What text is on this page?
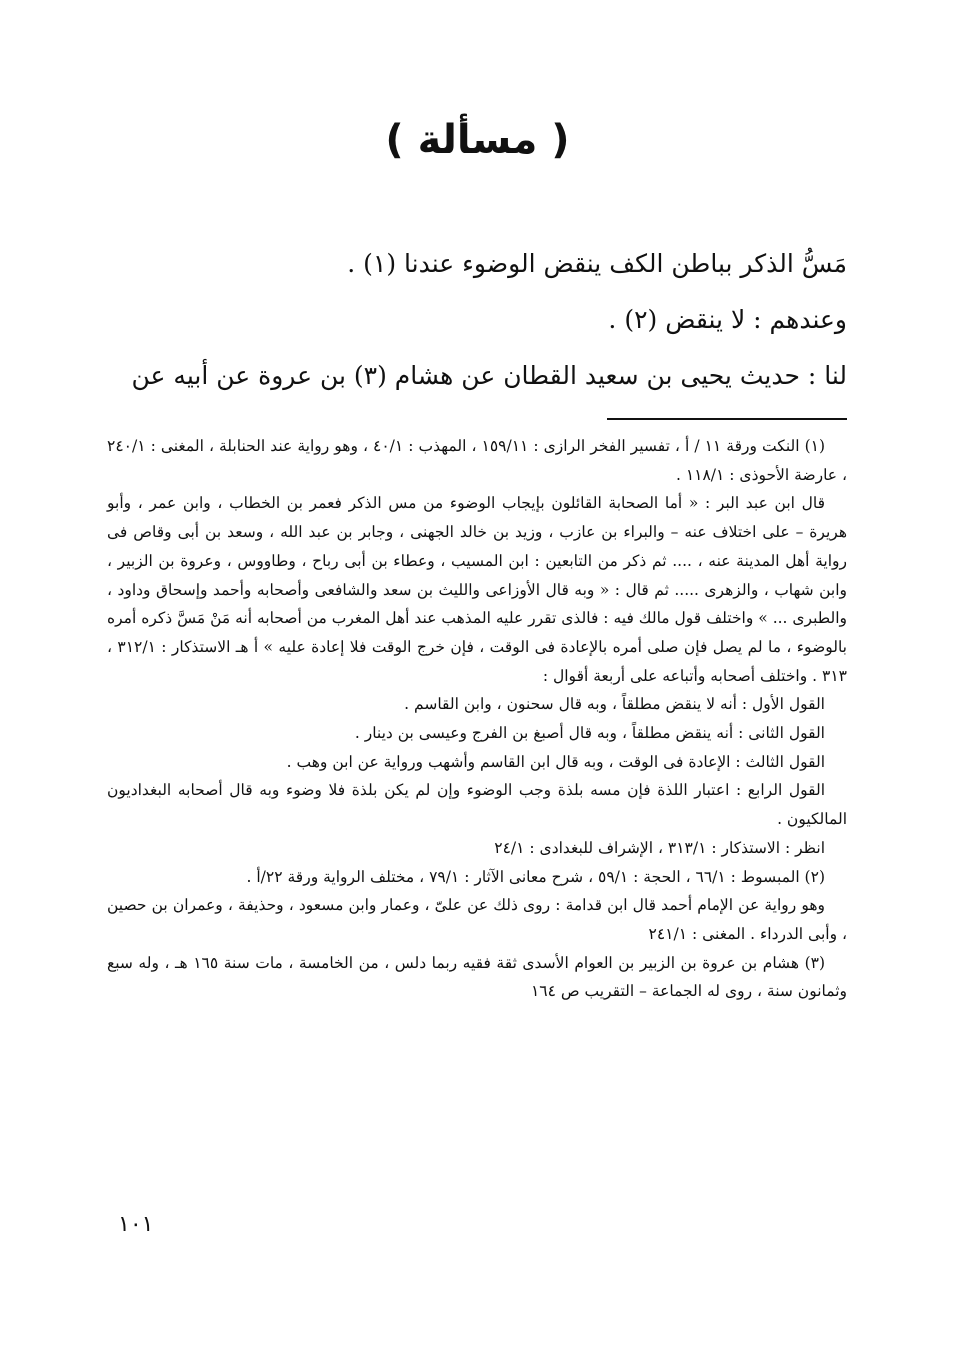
( مسألة )

مَسُّ الذكر بباطن الكف ينقض الوضوء عندنا (١) .

وعندهم : لا ينقض (٢) .

لنا : حديث يحيى بن سعيد القطان عن هشام (٣) بن عروة عن أبيه عن

(١) النكت ورقة ١١ / أ ، تفسير الفخر الرازى : ١٥٩/١١ ، المهذب : ٤٠/١ ، وهو رواية عند الحنابلة ، المغنى : ٢٤٠/١ ، عارضة الأحوذى : ١١٨/١ .

قال ابن عبد البر : « أما الصحابة القائلون بإيجاب الوضوء من مس الذكر فعمر بن الخطاب ، وابن عمر ، وأبو هريرة – على اختلاف عنه – والبراء بن عازب ، وزيد بن خالد الجهنى ، وجابر بن عبد الله ، وسعد بن أبى وقاص فى رواية أهل المدينة عنه ، .... ثم ذكر من التابعين : ابن المسيب ، وعطاء بن أبى رباح ، وطاووس ، وعروة بن الزبير ، وابن شهاب ، والزهرى ..... ثم قال : « وبه قال الأوزاعى والليث بن سعد والشافعى وأصحابه وأحمد وإسحاق وداود ، والطبرى ... » واختلف قول مالك فيه : فالذى تقرر عليه المذهب عند أهل المغرب من أصحابه أنه مَنْ مَسَّ ذكره أمره بالوضوء ، ما لم يصل فإن صلى أمره بالإعادة فى الوقت ، فإن خرج الوقت فلا إعادة عليه » أ هـ الاستذكار : ٣١٢/١ ، ٣١٣ . واختلف أصحابه وأتباعه على أربعة أقوال :

القول الأول : أنه لا ينقض مطلقاً ، وبه قال سحنون ، وابن القاسم .

القول الثانى : أنه ينقض مطلقاً ، وبه قال أصبغ بن الفرج وعيسى بن دينار .

القول الثالث : الإعادة فى الوقت ، وبه قال ابن القاسم وأشهب ورواية عن ابن وهب .

القول الرابع : اعتبار اللذة فإن مسه بلذة وجب الوضوء وإن لم يكن بلذة فلا وضوء وبه قال أصحابه البغداديون المالكيون .

انظر : الاستذكار : ٣١٣/١ ، الإشراف للبغدادى : ٢٤/١

(٢) المبسوط : ٦٦/١ ، الحجة : ٥٩/١ ، شرح معانى الآثار : ٧٩/١ ، مختلف الرواية ورقة ٢٢/أ .

وهو رواية عن الإمام أحمد قال ابن قدامة : روى ذلك عن علىّ ، وعمار وابن مسعود ، وحذيفة ، وعمران بن حصين ، وأبى الدرداء . المغنى : ٢٤١/١

(٣) هشام بن عروة بن الزبير بن العوام الأسدى ثقة فقيه ربما دلس ، من الخامسة ، مات سنة ١٦٥ هـ ، وله سبع وثمانون سنة ، روى له الجماعة – التقريب ص ١٦٤

١٠١
